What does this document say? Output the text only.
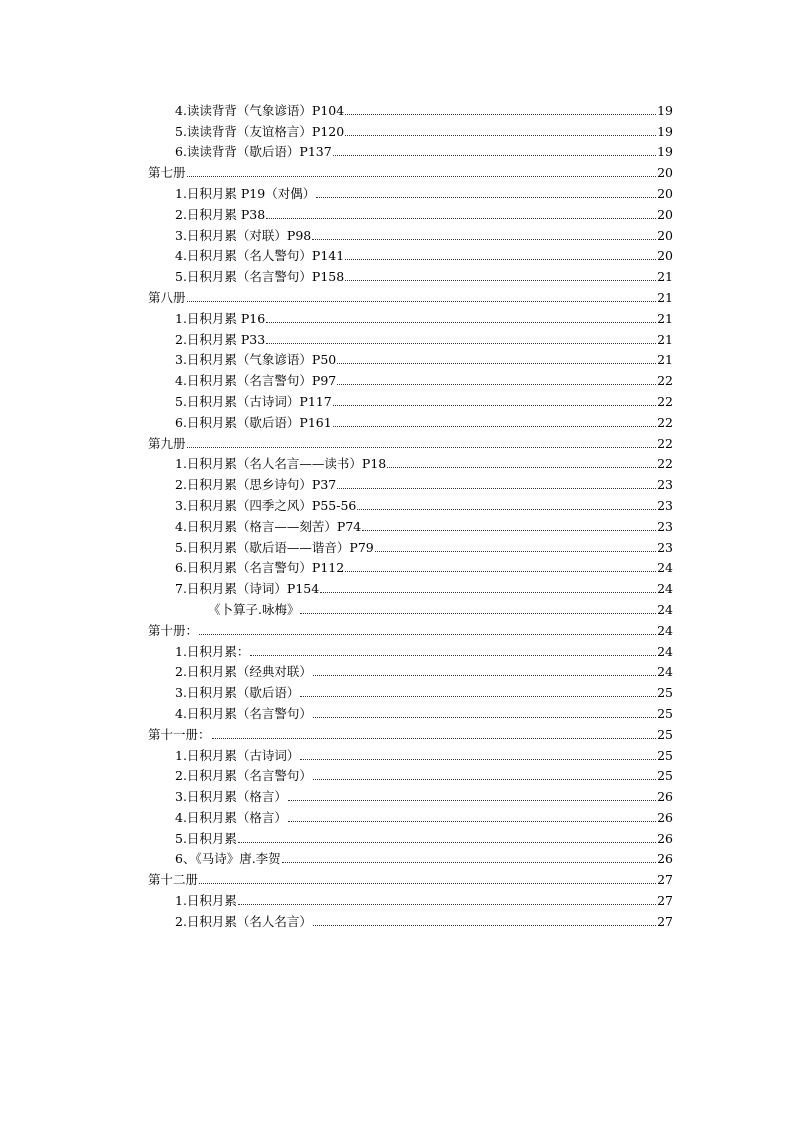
4.读读背背（气象谚语）P104	19
5.读读背背（友谊格言）P120	19
6.读读背背（歇后语）P137	19
第七册	20
1.日积月累 P19（对偶）	20
2.日积月累 P38	20
3.日积月累（对联）P98	20
4.日积月累（名人警句）P141	20
5.日积月累（名言警句）P158	21
第八册	21
1.日积月累 P16	21
2.日积月累 P33	21
3.日积月累（气象谚语）P50	21
4.日积月累（名言警句）P97	22
5.日积月累（古诗词）P117	22
6.日积月累（歇后语）P161	22
第九册	22
1.日积月累（名人名言——读书）P18	22
2.日积月累（思乡诗句）P37	23
3.日积月累（四季之风）P55-56	23
4.日积月累（格言——刻苦）P74	23
5.日积月累（歇后语——谐音）P79	23
6.日积月累（名言警句）P112	24
7.日积月累（诗词）P154	24
《卜算子.咏梅》	24
第十册：	24
1.日积月累：	24
2.日积月累（经典对联）	24
3.日积月累（歇后语）	25
4.日积月累（名言警句）	25
第十一册：	25
1.日积月累（古诗词）	25
2.日积月累（名言警句）	25
3.日积月累（格言）	26
4.日积月累（格言）	26
5.日积月累	26
6、《马诗》唐.李贺	26
第十二册	27
1.日积月累	27
2.日积月累（名人名言）	27
